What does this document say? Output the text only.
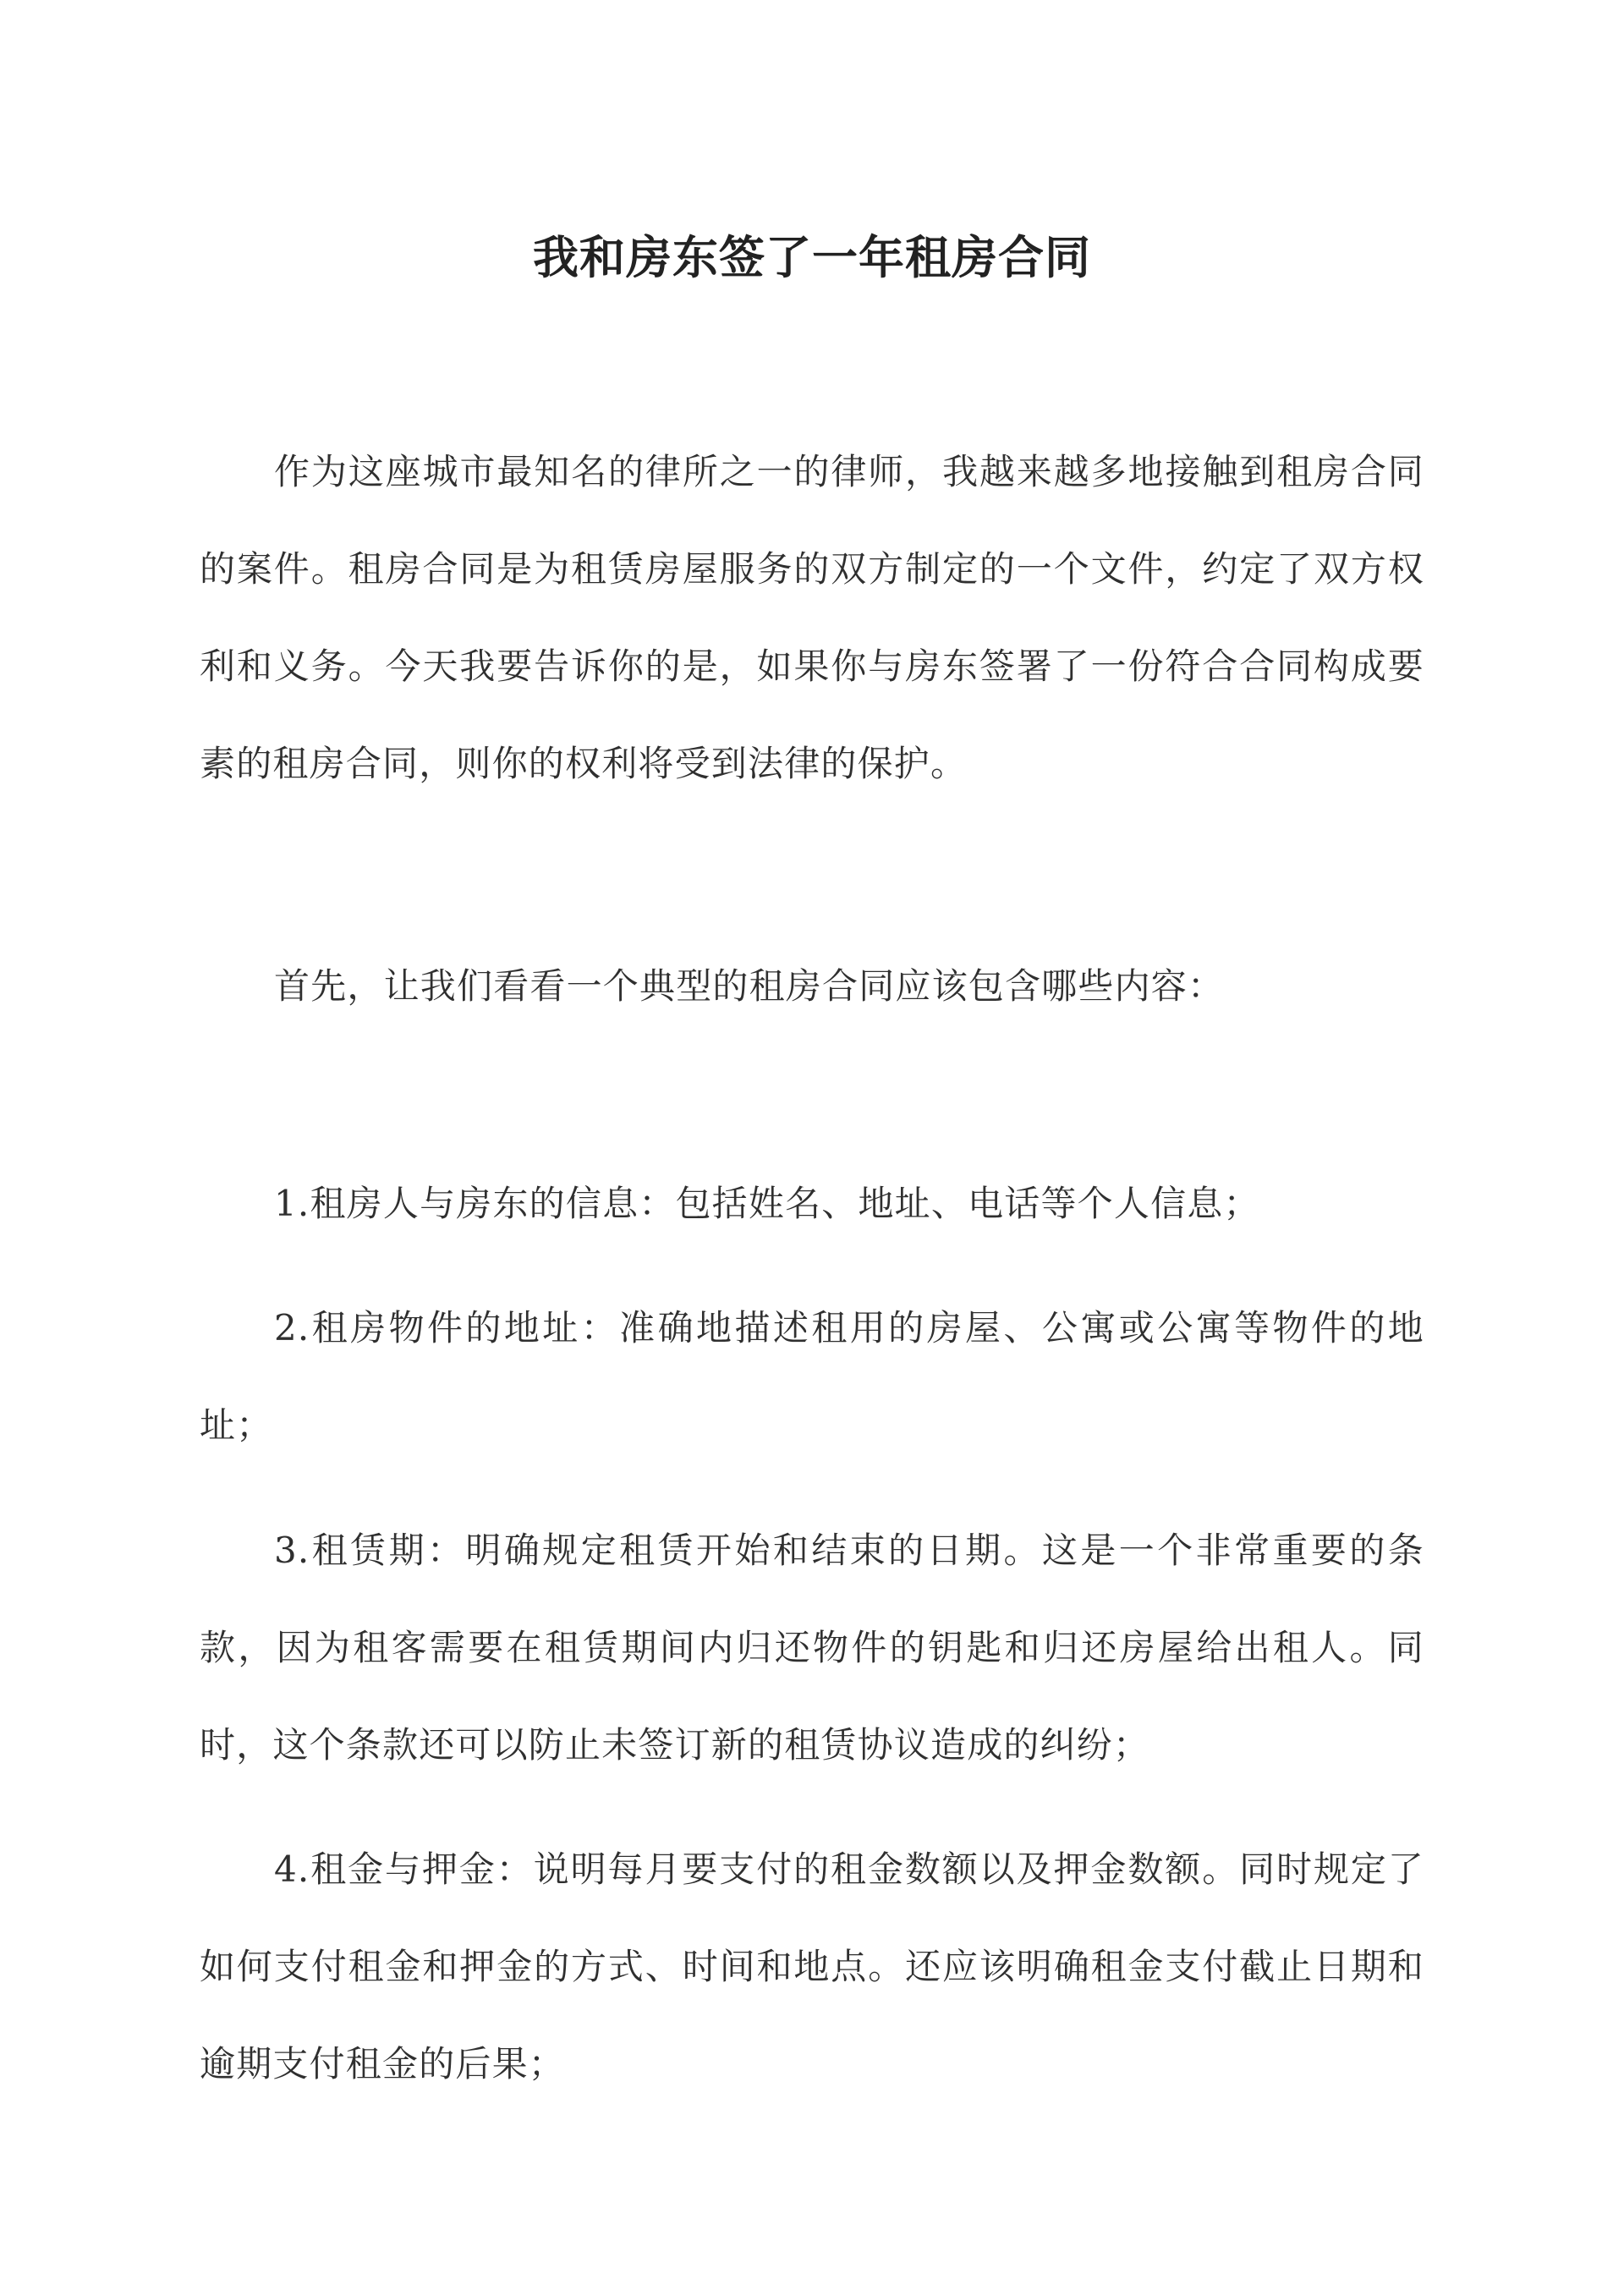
我和房东签了一年租房合同

作为这座城市最知名的律所之一的律师，我越来越多地接触到租房合同的案件。租房合同是为租赁房屋服务的双方制定的一个文件，约定了双方权利和义务。今天我要告诉你的是，如果你与房东签署了一份符合合同构成要素的租房合同，则你的权利将受到法律的保护。

首先，让我们看看一个典型的租房合同应该包含哪些内容：

1.租房人与房东的信息：包括姓名、地址、电话等个人信息；

2.租房物件的地址：准确地描述租用的房屋、公寓或公寓等物件的地址；

3.租赁期：明确规定租赁开始和结束的日期。这是一个非常重要的条款，因为租客需要在租赁期间内归还物件的钥匙和归还房屋给出租人。同时，这个条款还可以防止未签订新的租赁协议造成的纠纷；

4.租金与押金：说明每月要支付的租金数额以及押金数额。同时规定了如何支付租金和押金的方式、时间和地点。还应该明确租金支付截止日期和逾期支付租金的后果；
